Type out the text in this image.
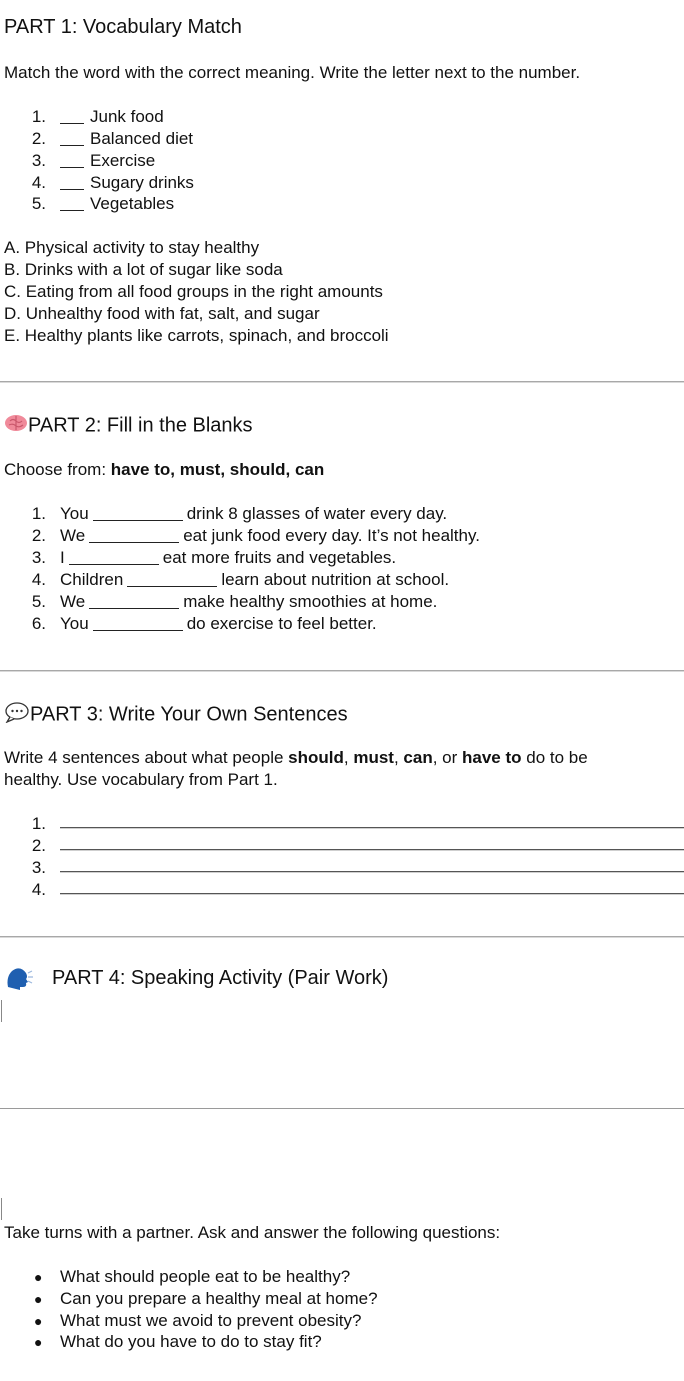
PART 1: Vocabulary Match
Match the word with the correct meaning. Write the letter next to the number.
1.	Junk food
2.	Balanced diet
3.	Exercise
4.	Sugary drinks
5.	Vegetables
A. Physical activity to stay healthy
B. Drinks with a lot of sugar like soda
C. Eating from all food groups in the right amounts
D. Unhealthy food with fat, salt, and sugar
E. Healthy plants like carrots, spinach, and broccoli
PART 2: Fill in the Blanks
Choose from: have to, must, should, can
1. You	drink 8 glasses of water every day.
2. We	eat junk food every day. It’s not healthy.
3. I	eat more fruits and vegetables.
4. Children	learn about nutrition at school.
5. We	make healthy smoothies at home.
6. You	do exercise to feel better.
PART 3: Write Your Own Sentences
Write 4 sentences about what people should, must, can, or have to do to be
healthy. Use vocabulary from Part 1.
1.
2.
3.
4.
PART 4: Speaking Activity (Pair Work)
Take turns with a partner. Ask and answer the following questions:
● What should people eat to be healthy?
● Can you prepare a healthy meal at home?
● What must we avoid to prevent obesity?
● What do you have to do to stay fit?
